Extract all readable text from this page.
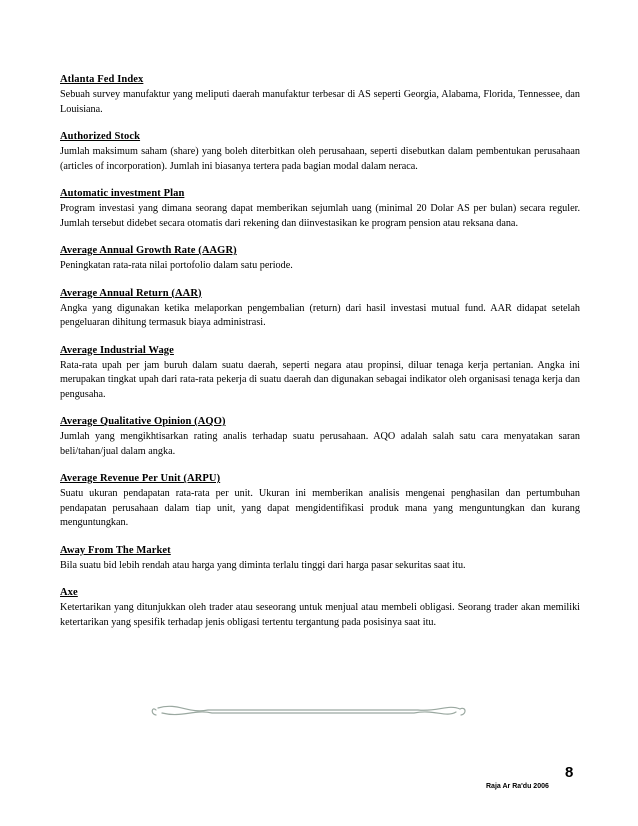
Atlanta Fed Index
Sebuah survey manufaktur yang meliputi daerah manufaktur terbesar di AS seperti Georgia, Alabama, Florida, Tennessee, dan Louisiana.
Authorized Stock
Jumlah maksimum saham (share) yang boleh diterbitkan oleh perusahaan, seperti disebutkan dalam pembentukan perusahaan (articles of incorporation). Jumlah ini biasanya tertera pada bagian modal dalam neraca.
Automatic investment Plan
Program investasi yang dimana seorang dapat memberikan sejumlah uang (minimal 20 Dolar AS per bulan) secara reguler. Jumlah tersebut didebet secara otomatis dari rekening dan diinvestasikan ke program pension atau reksana dana.
Average Annual Growth Rate (AAGR)
Peningkatan rata-rata nilai portofolio dalam satu periode.
Average Annual Return (AAR)
Angka yang digunakan ketika melaporkan pengembalian (return) dari hasil investasi mutual fund. AAR didapat setelah pengeluaran dihitung termasuk biaya administrasi.
Average Industrial Wage
Rata-rata upah per jam buruh dalam suatu daerah, seperti negara atau propinsi, diluar tenaga kerja pertanian. Angka ini merupakan tingkat upah dari rata-rata pekerja di suatu daerah dan digunakan sebagai indikator oleh organisasi tenaga kerja dan pengusaha.
Average Qualitative Opinion (AQO)
Jumlah yang mengikhtisarkan rating analis terhadap suatu perusahaan. AQO adalah salah satu cara menyatakan saran beli/tahan/jual dalam angka.
Average Revenue Per Unit (ARPU)
Suatu ukuran pendapatan rata-rata per unit. Ukuran ini memberikan analisis mengenai penghasilan dan pertumbuhan pendapatan perusahaan dalam tiap unit, yang dapat mengidentifikasi produk mana yang menguntungkan dan kurang menguntungkan.
Away From The Market
Bila suatu bid lebih rendah atau harga yang diminta terlalu tinggi dari harga pasar sekuritas saat itu.
Axe
Ketertarikan yang ditunjukkan oleh trader atau seseorang untuk menjual atau membeli obligasi. Seorang trader akan memiliki ketertarikan yang spesifik terhadap jenis obligasi tertentu tergantung pada posisinya saat itu.
Raja Ar Ra'du 2006
8
